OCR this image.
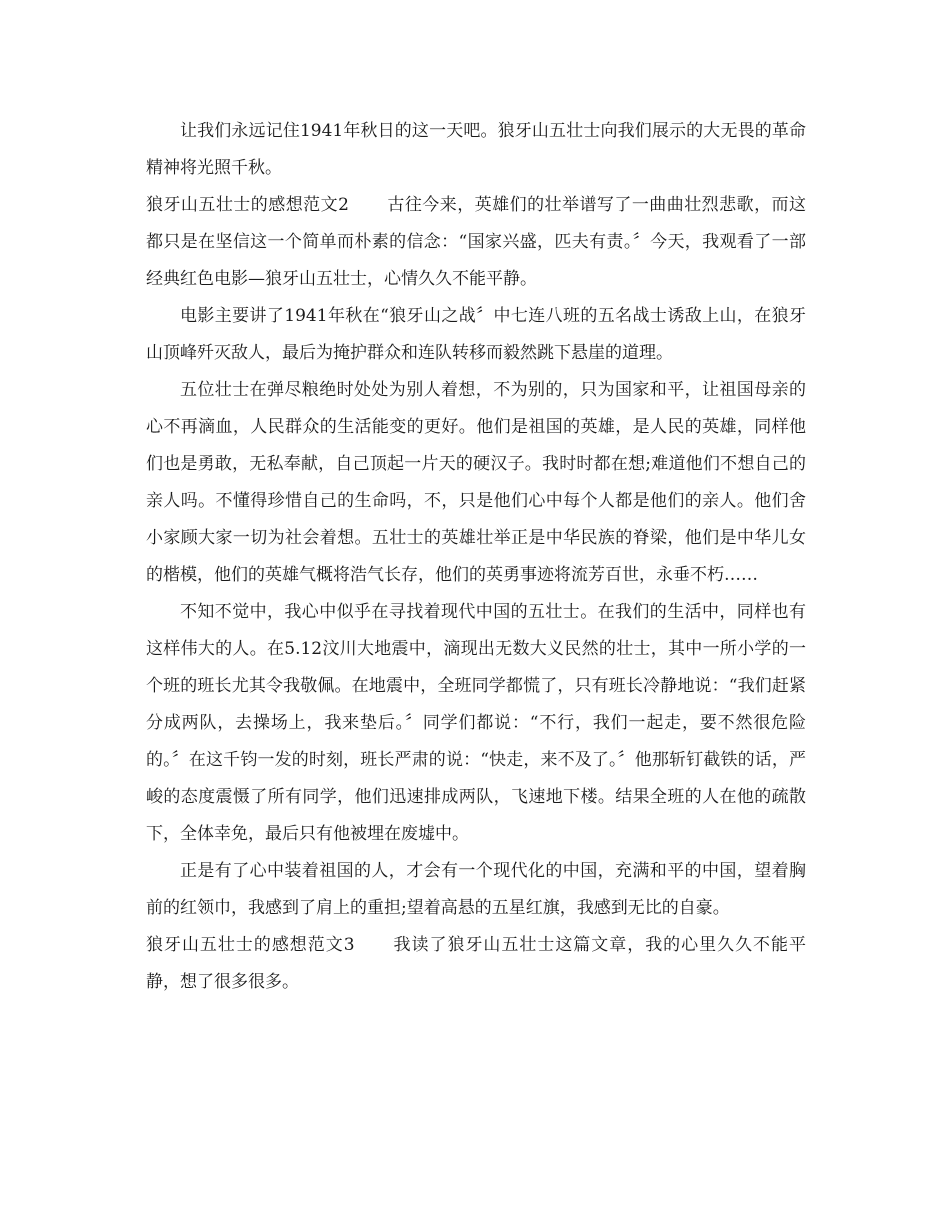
让我们永远记住1941年秋日的这一天吧。狼牙山五壮士向我们展示的大无畏的革命精神将光照千秋。

狼牙山五壮士的感想范文2 古往今来，英雄们的壮举谱写了一曲曲壮烈悲歌，而这都只是在坚信这一个简单而朴素的信念：“国家兴盛，匹夫有责。〞今天，我观看了一部经典红色电影—狼牙山五壮士，心情久久不能平静。

电影主要讲了1941年秋在“狼牙山之战〞中七连八班的五名战士诱敌上山，在狼牙山顶峰歼灭敌人，最后为掩护群众和连队转移而毅然跳下悬崖的道理。

五位壮士在弹尽粮绝时处处为别人着想，不为别的，只为国家和平，让祖国母亲的心不再滴血，人民群众的生活能变的更好。他们是祖国的英雄，是人民的英雄，同样他们也是勇敢，无私奉献，自己顶起一片天的硬汉子。我时时都在想;难道他们不想自己的亲人吗。不懂得珍惜自己的生命吗，不，只是他们心中每个人都是他们的亲人。他们舍小家顾大家一切为社会着想。五壮士的英雄壮举正是中华民族的脊梁，他们是中华儿女的楷模，他们的英雄气概将浩气长存，他们的英勇事迹将流芳百世，永垂不朽……

不知不觉中，我心中似乎在寻找着现代中国的五壮士。在我们的生活中，同样也有这样伟大的人。在5.12汶川大地震中，滴现出无数大义民然的壮士，其中一所小学的一个班的班长尤其令我敬佩。在地震中，全班同学都慌了，只有班长冷静地说：“我们赶紧分成两队，去操场上，我来垫后。〞同学们都说：“不行，我们一起走，要不然很危险的。〞在这千钧一发的时刻，班长严肃的说：“快走，来不及了。〞他那斩钉截铁的话，严峻的态度震慑了所有同学，他们迅速排成两队，飞速地下楼。结果全班的人在他的疏散下，全体幸免，最后只有他被埋在废墟中。

正是有了心中装着祖国的人，才会有一个现代化的中国，充满和平的中国，望着胸前的红领巾，我感到了肩上的重担;望着高悬的五星红旗，我感到无比的自豪。

狼牙山五壮士的感想范文3 我读了狼牙山五壮士这篇文章，我的心里久久不能平静，想了很多很多。
